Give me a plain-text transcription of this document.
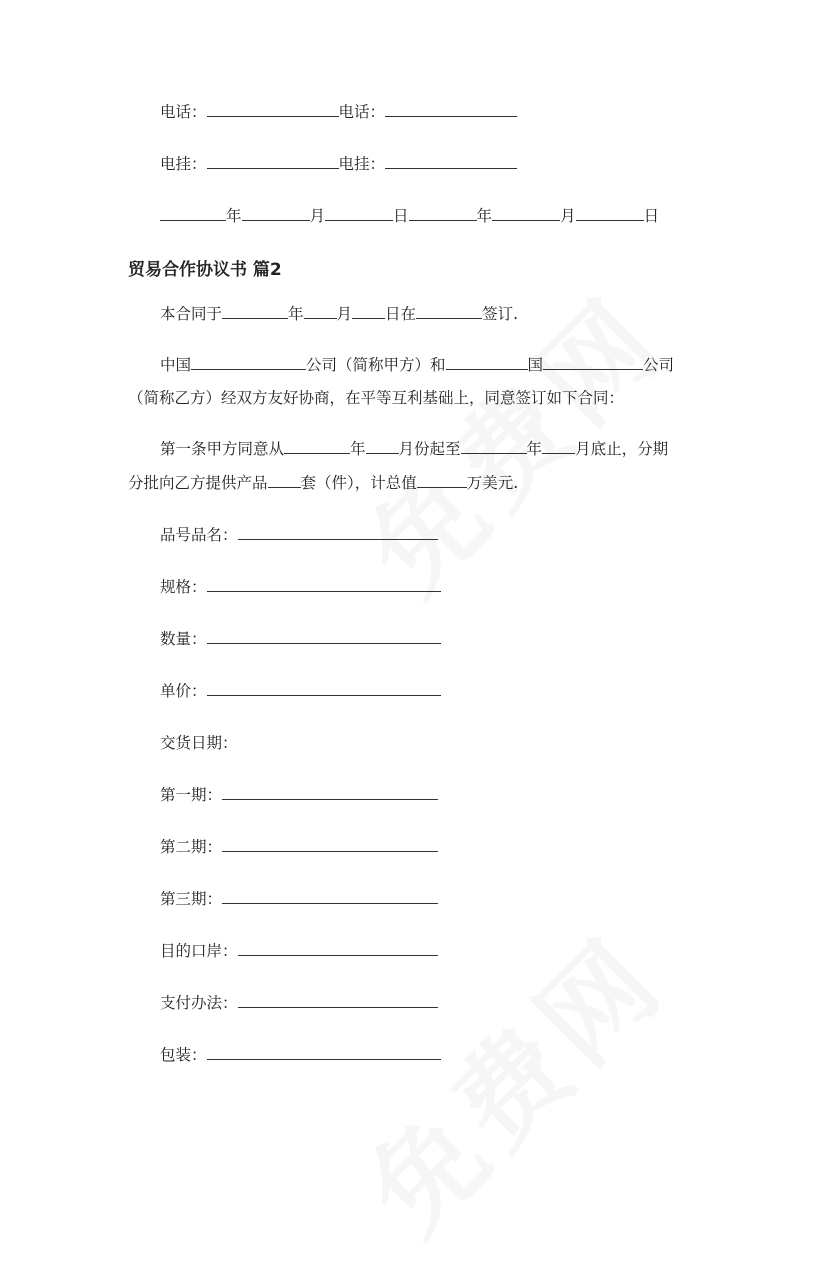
电话：	电话：
电挂：	电挂：
年	月	日	年	月	日
贸易合作协议书 篇2
本合同于	年 月 日在	签订.
中国	公司（简称甲方）和	国	公司
（简称乙方）经双方友好协商，在平等互利基础上，同意签订如下合同：
第一条甲方同意从	年 月份起至	年 月底止，分期
分批向乙方提供产品 套（件），计总值	万美元.
品号品名：
规格：
数量：
单价：
交货日期：
第一期：
第二期：
第三期：
目的口岸：
支付办法：
包装：
